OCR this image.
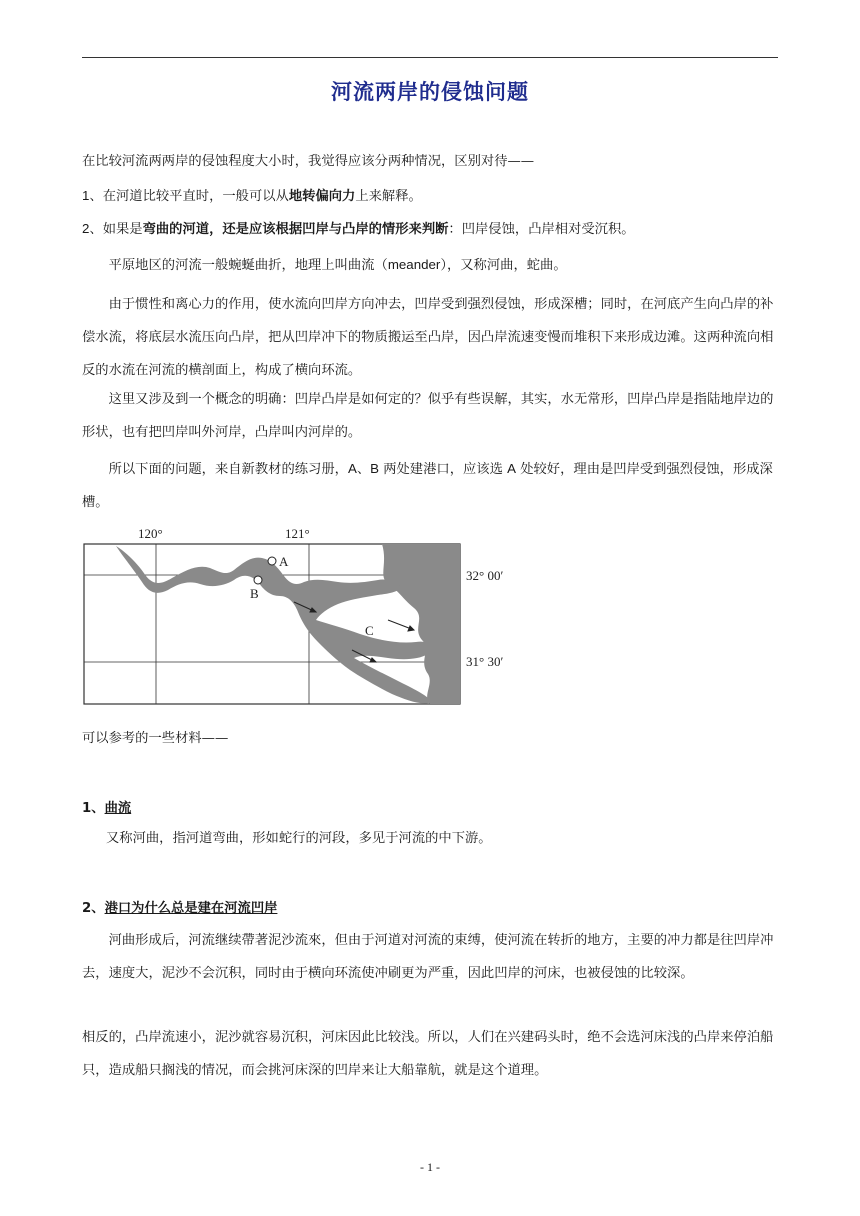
河流两岸的侵蚀问题

在比较河流两两岸的侵蚀程度大小时，我觉得应该分两种情况，区别对待——

1、在河道比较平直时，一般可以从地转偏向力上来解释。

2、如果是弯曲的河道，还是应该根据凹岸与凸岸的情形来判断：凹岸侵蚀，凸岸相对受沉积。

平原地区的河流一般蜿蜒曲折，地理上叫曲流（meander），又称河曲，蛇曲。

由于惯性和离心力的作用，使水流向凹岸方向冲去，凹岸受到强烈侵蚀，形成深槽；同时，在河底产生向凸岸的补偿水流，将底层水流压向凸岸，把从凹岸冲下的物质搬运至凸岸，因凸岸流速变慢而堆积下来形成边滩。这两种流向相反的水流在河流的横剖面上，构成了横向环流。

这里又涉及到一个概念的明确：凹岸凸岸是如何定的？似乎有些误解，其实，水无常形，凹岸凸岸是指陆地岸边的形状，也有把凹岸叫外河岸，凸岸叫内河岸的。

所以下面的问题，来自新教材的练习册，A、B 两处建港口，应该选 A 处较好，理由是凹岸受到强烈侵蚀，形成深槽。

120°	121°
32° 00′
31° 30′
A
B
C

可以参考的一些材料——

1、曲流

又称河曲，指河道弯曲，形如蛇行的河段，多见于河流的中下游。

2、港口为什么总是建在河流凹岸

河曲形成后，河流继续帶著泥沙流來，但由于河道对河流的束缚，使河流在转折的地方，主要的冲力都是往凹岸冲去，速度大，泥沙不会沉积，同时由于横向环流使冲刷更为严重，因此凹岸的河床，也被侵蚀的比较深。

相反的，凸岸流速小，泥沙就容易沉积，河床因此比较浅。所以，人们在兴建码头时，绝不会选河床浅的凸岸来停泊船只，造成船只搁浅的情况，而会挑河床深的凹岸来让大船靠航，就是这个道理。

- 1 -
